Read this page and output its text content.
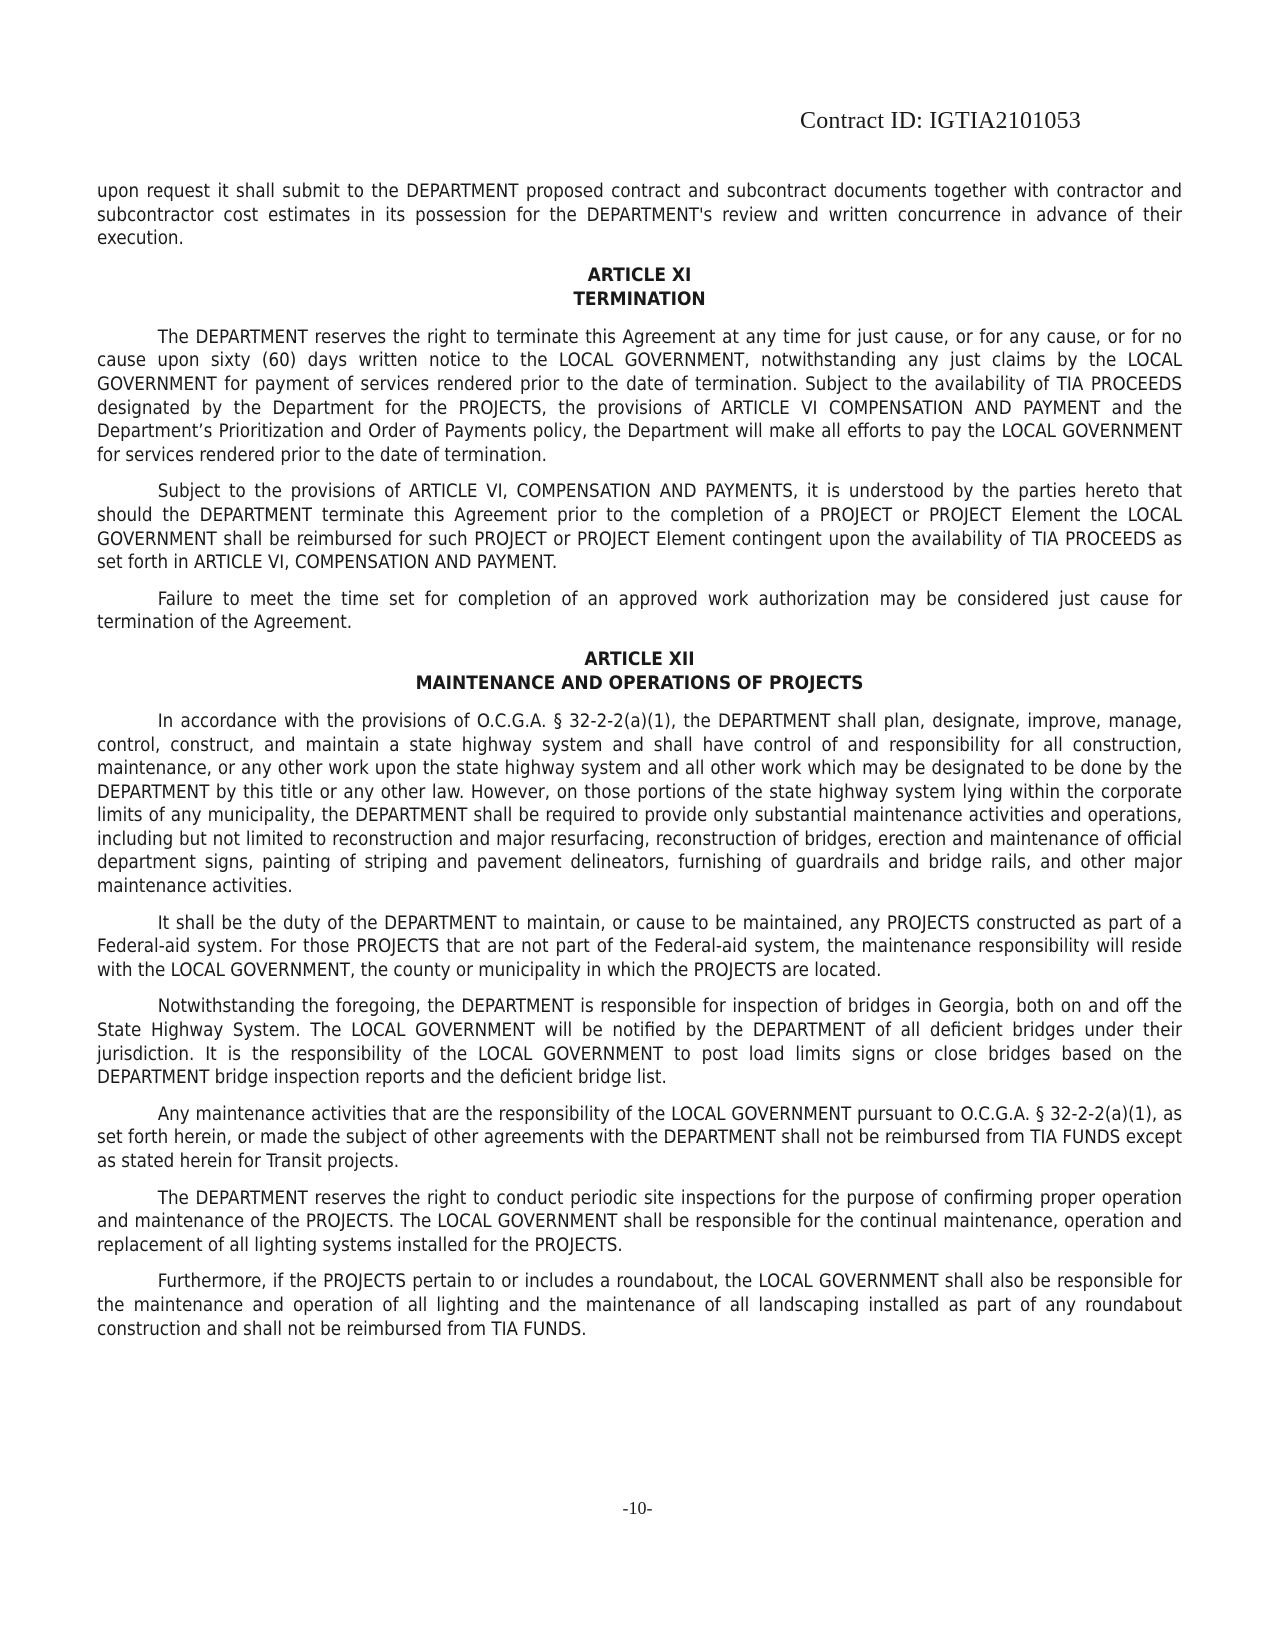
Contract ID: IGTIA2101053

upon request it shall submit to the DEPARTMENT proposed contract and subcontract documents together with contractor and subcontractor cost estimates in its possession for the DEPARTMENT's review and written concurrence in advance of their execution.

ARTICLE XI
TERMINATION

The DEPARTMENT reserves the right to terminate this Agreement at any time for just cause, or for any cause, or for no cause upon sixty (60) days written notice to the LOCAL GOVERNMENT, notwithstanding any just claims by the LOCAL GOVERNMENT for payment of services rendered prior to the date of termination. Subject to the availability of TIA PROCEEDS designated by the Department for the PROJECTS, the provisions of ARTICLE VI COMPENSATION AND PAYMENT and the Department’s Prioritization and Order of Payments policy, the Department will make all efforts to pay the LOCAL GOVERNMENT for services rendered prior to the date of termination.

Subject to the provisions of ARTICLE VI, COMPENSATION AND PAYMENTS, it is understood by the parties hereto that should the DEPARTMENT terminate this Agreement prior to the completion of a PROJECT or PROJECT Element the LOCAL GOVERNMENT shall be reimbursed for such PROJECT or PROJECT Element contingent upon the availability of TIA PROCEEDS as set forth in ARTICLE VI, COMPENSATION AND PAYMENT.

Failure to meet the time set for completion of an approved work authorization may be considered just cause for termination of the Agreement.

ARTICLE XII
MAINTENANCE AND OPERATIONS OF PROJECTS

In accordance with the provisions of O.C.G.A. § 32-2-2(a)(1), the DEPARTMENT shall plan, designate, improve, manage, control, construct, and maintain a state highway system and shall have control of and responsibility for all construction, maintenance, or any other work upon the state highway system and all other work which may be designated to be done by the DEPARTMENT by this title or any other law. However, on those portions of the state highway system lying within the corporate limits of any municipality, the DEPARTMENT shall be required to provide only substantial maintenance activities and operations, including but not limited to reconstruction and major resurfacing, reconstruction of bridges, erection and maintenance of official department signs, painting of striping and pavement delineators, furnishing of guardrails and bridge rails, and other major maintenance activities.

It shall be the duty of the DEPARTMENT to maintain, or cause to be maintained, any PROJECTS constructed as part of a Federal-aid system. For those PROJECTS that are not part of the Federal-aid system, the maintenance responsibility will reside with the LOCAL GOVERNMENT, the county or municipality in which the PROJECTS are located.

Notwithstanding the foregoing, the DEPARTMENT is responsible for inspection of bridges in Georgia, both on and off the State Highway System. The LOCAL GOVERNMENT will be notified by the DEPARTMENT of all deficient bridges under their jurisdiction. It is the responsibility of the LOCAL GOVERNMENT to post load limits signs or close bridges based on the DEPARTMENT bridge inspection reports and the deficient bridge list.

Any maintenance activities that are the responsibility of the LOCAL GOVERNMENT pursuant to O.C.G.A. § 32-2-2(a)(1), as set forth herein, or made the subject of other agreements with the DEPARTMENT shall not be reimbursed from TIA FUNDS except as stated herein for Transit projects.

The DEPARTMENT reserves the right to conduct periodic site inspections for the purpose of confirming proper operation and maintenance of the PROJECTS. The LOCAL GOVERNMENT shall be responsible for the continual maintenance, operation and replacement of all lighting systems installed for the PROJECTS.

Furthermore, if the PROJECTS pertain to or includes a roundabout, the LOCAL GOVERNMENT shall also be responsible for the maintenance and operation of all lighting and the maintenance of all landscaping installed as part of any roundabout construction and shall not be reimbursed from TIA FUNDS.

-10-
